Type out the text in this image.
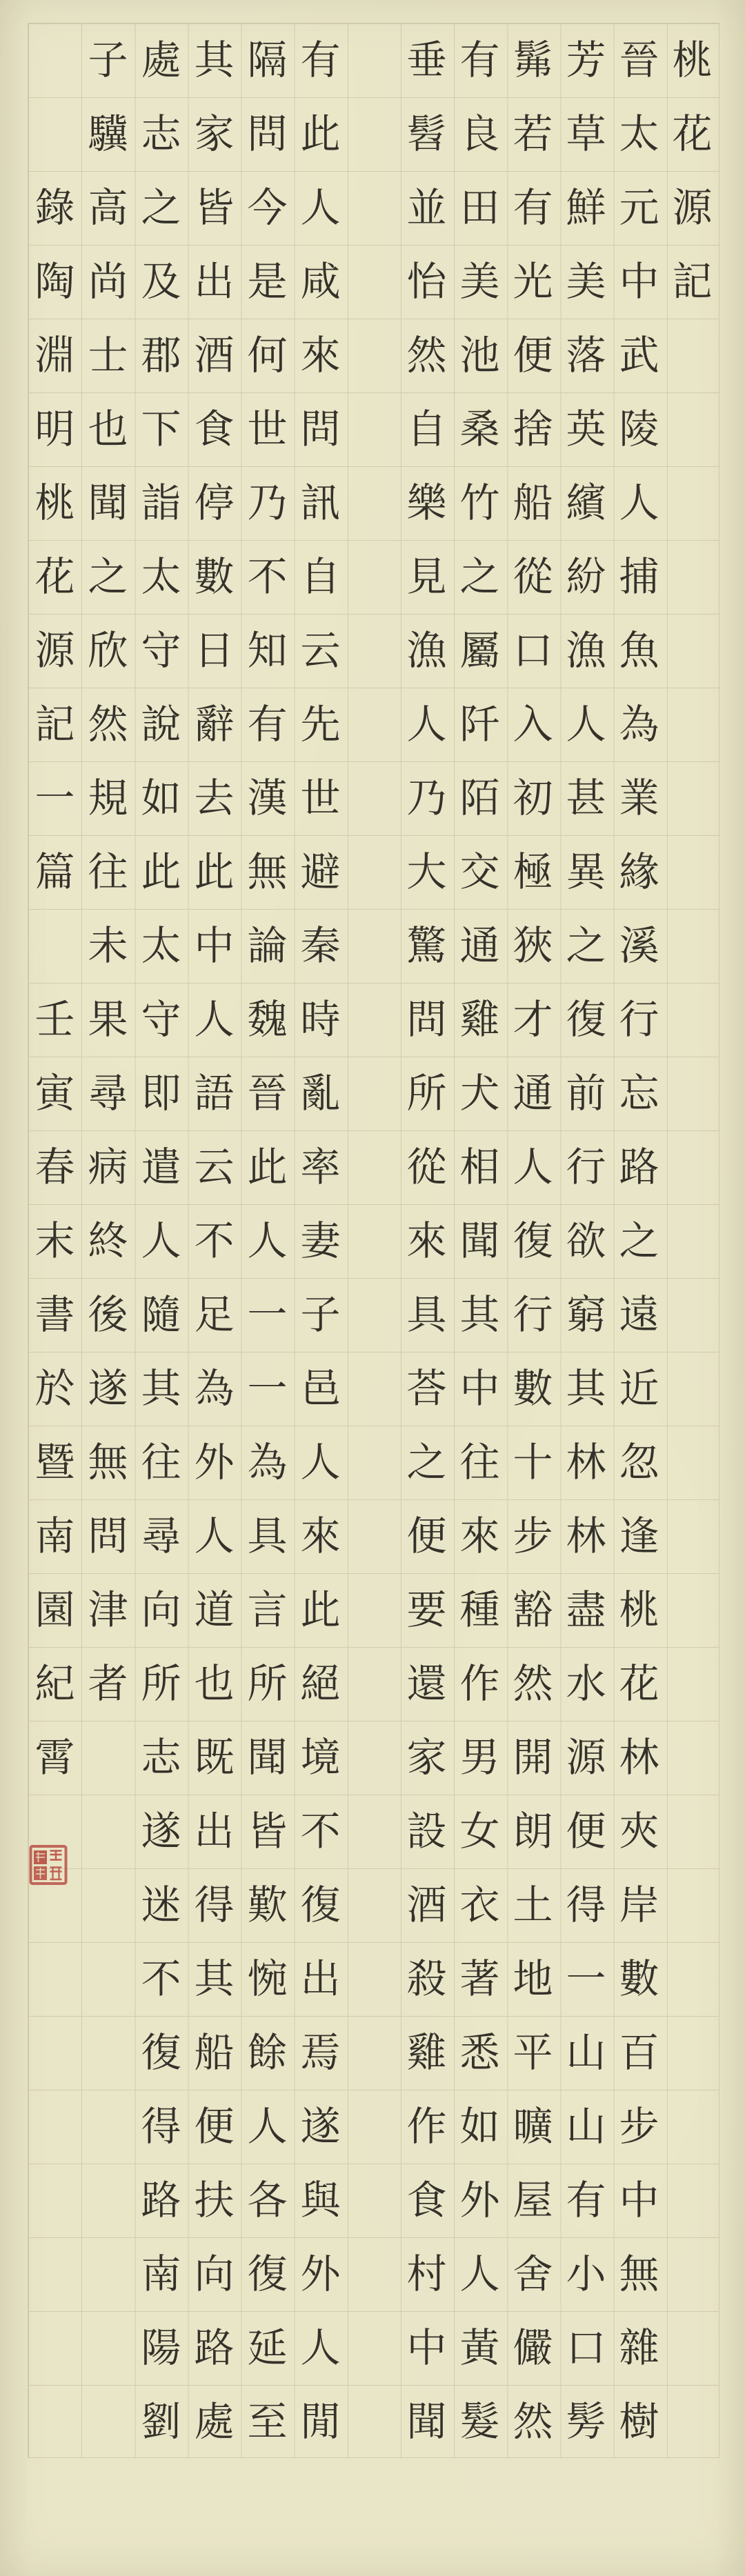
桃
花
源
記
晉
太
元
中
武
陵
人
捕
魚
為
業
緣
溪
行
忘
路
之
遠
近
忽
逢
桃
花
林
夾
岸
數
百
步
中
無
雜
樹
芳
草
鮮
美
落
英
繽
紛
漁
人
甚
異
之
復
前
行
欲
窮
其
林
林
盡
水
源
便
得
一
山
山
有
小
口
髣
髴
若
有
光
便
捨
船
從
口
入
初
極
狹
才
通
人
復
行
數
十
步
豁
然
開
朗
土
地
平
曠
屋
舍
儼
然
有
良
田
美
池
桑
竹
之
屬
阡
陌
交
通
雞
犬
相
聞
其
中
往
來
種
作
男
女
衣
著
悉
如
外
人
黃
髮
垂
髫
並
怡
然
自
樂
見
漁
人
乃
大
驚
問
所
從
來
具
荅
之
便
要
還
家
設
酒
殺
雞
作
食
村
中
聞
有
此
人
咸
來
問
訊
自
云
先
世
避
秦
時
亂
率
妻
子
邑
人
來
此
絕
境
不
復
出
焉
遂
與
外
人
閒
隔
問
今
是
何
世
乃
不
知
有
漢
無
論
魏
晉
此
人
一
一
為
具
言
所
聞
皆
歎
惋
餘
人
各
復
延
至
其
家
皆
出
酒
食
停
數
日
辭
去
此
中
人
語
云
不
足
為
外
人
道
也
既
出
得
其
船
便
扶
向
路
處
處
志
之
及
郡
下
詣
太
守
說
如
此
太
守
即
遣
人
隨
其
往
尋
向
所
志
遂
迷
不
復
得
路
南
陽
劉
子
驥
高
尚
士
也
聞
之
欣
然
規
往
未
果
尋
病
終
後
遂
無
問
津
者
錄
陶
淵
明
桃
花
源
記
一
篇
壬
寅
春
末
書
於
暨
南
園
紀
霄
